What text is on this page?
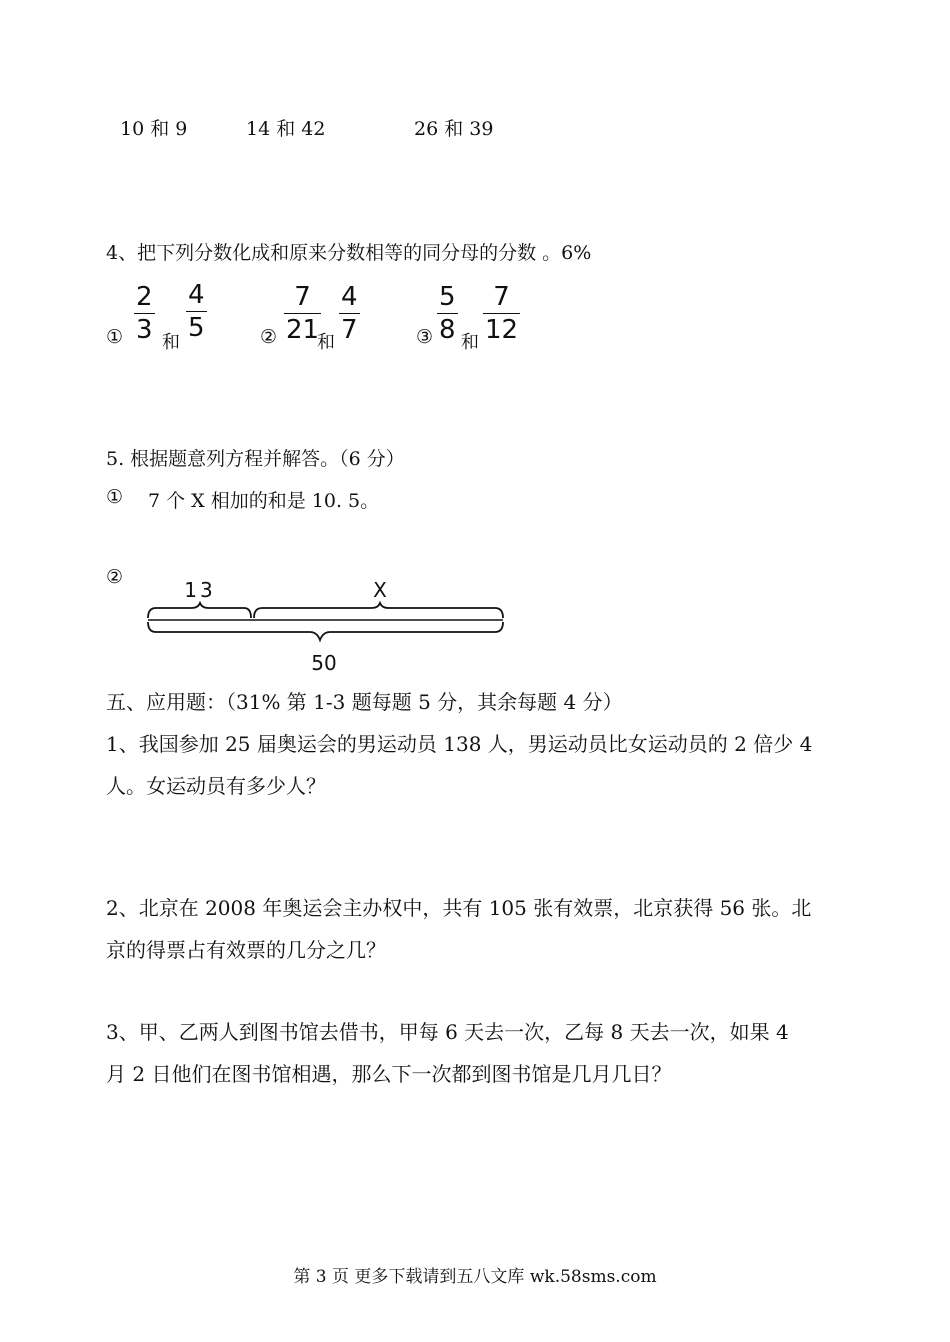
10 和 9	14 和 42	26 和 39
4、把下列分数化成和原来分数相等的同分母的分数 。6%
①
2
3 和
4
5	②
7
21
和
4
7	③
5
8 和
7
12
5. 根据题意列方程并解答。（6 分）
① 7 个 X 相加的和是 10. 5。
②
13	X
50
五、应用题：（31% 第 1-3 题每题 5 分，其余每题 4 分）
1、我国参加 25 届奥运会的男运动员 138 人，男运动员比女运动员的 2 倍少 4
人。女运动员有多少人？
2、北京在 2008 年奥运会主办权中，共有 105 张有效票，北京获得 56 张。北
京的得票占有效票的几分之几？
3、甲、乙两人到图书馆去借书，甲每 6 天去一次，乙每 8 天去一次，如果 4
月 2 日他们在图书馆相遇，那么下一次都到图书馆是几月几日？
第 3 页 更多下载请到五八文库 wk.58sms.com
